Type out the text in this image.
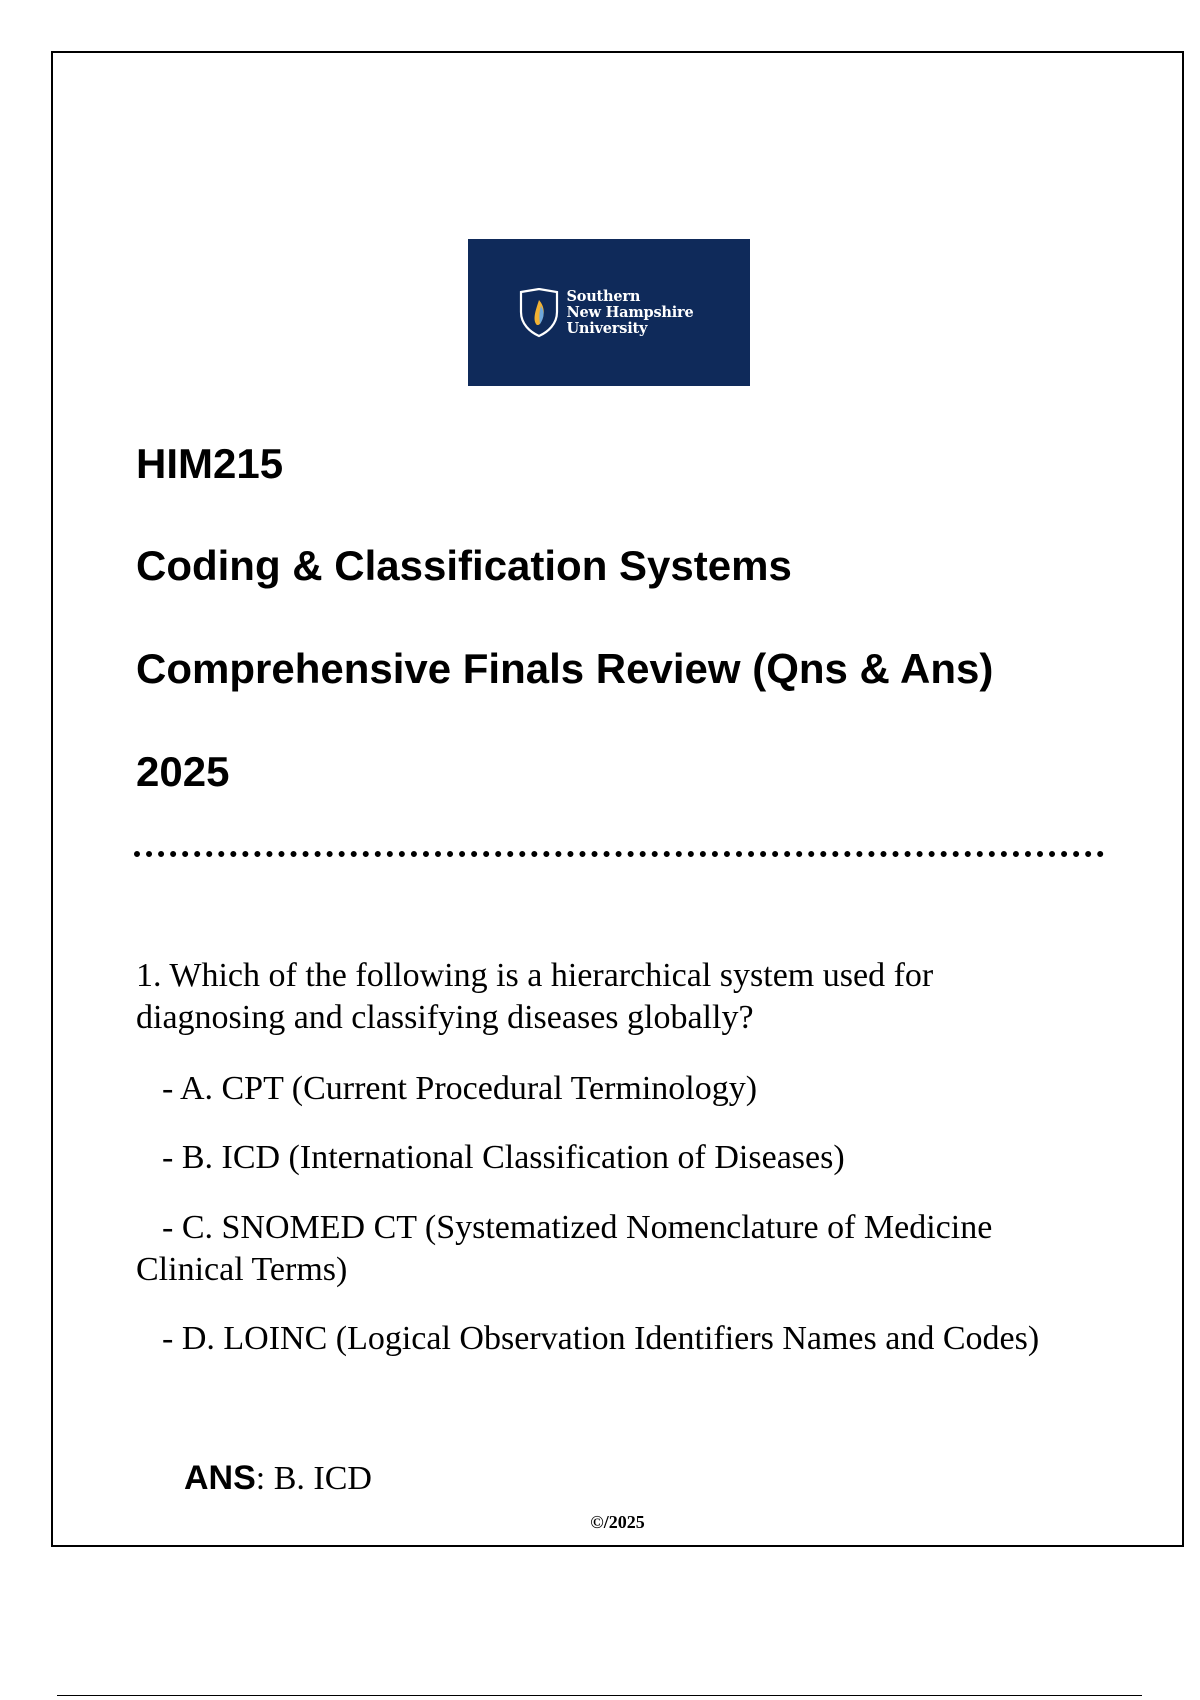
Southern
New Hampshire
University
HIM215
Coding & Classification Systems
Comprehensive Finals Review (Qns & Ans)
2025
1. Which of the following is a hierarchical system used for
diagnosing and classifying diseases globally?
- A. CPT (Current Procedural Terminology)
- B. ICD (International Classification of Diseases)
- C. SNOMED CT (Systematized Nomenclature of Medicine
Clinical Terms)
- D. LOINC (Logical Observation Identifiers Names and Codes)
ANS: B. ICD
©/2025
